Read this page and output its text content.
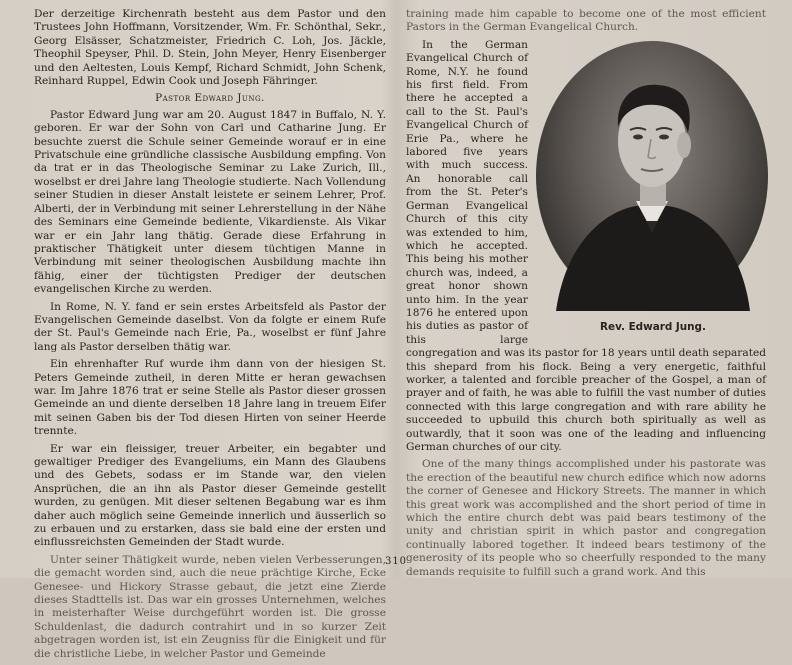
Der derzeitige Kirchenrath besteht aus dem Pastor und den Trustees John Hoffmann, Vorsitzender, Wm. Fr. Schönthal, Sekr., Georg Elsässer, Schatzmeister, Friedrich C. Loh, Jos. Jäckle, Theophil Speyser, Phil. D. Stein, John Meyer, Henry Eisenberger und den Aeltesten, Louis Kempf, Richard Schmidt, John Schenk, Reinhard Ruppel, Edwin Cook und Joseph Fähringer.

Pastor Edward Jung.

Pastor Edward Jung war am 20. August 1847 in Buffalo, N. Y. geboren. Er war der Sohn von Carl und Catharine Jung. Er besuchte zuerst die Schule seiner Gemeinde worauf er in eine Privatschule eine gründliche classische Ausbildung empfing. Von da trat er in das Theologische Seminar zu Lake Zurich, Ill., woselbst er drei Jahre lang Theologie studierte. Nach Vollendung seiner Studien in dieser Anstalt leistete er seinem Lehrer, Prof. Alberti, der in Verbindung mit seiner Lehrerstellung in der Nähe des Seminars eine Gemeinde bediente, Vikardienste. Als Vikar war er ein Jahr lang thätig. Gerade diese Erfahrung in praktischer Thätigkeit unter diesem tüchtigen Manne in Verbindung mit seiner theologischen Ausbildung machte ihn fähig, einer der tüchtigsten Prediger der deutschen evangelischen Kirche zu werden.

In Rome, N. Y. fand er sein erstes Arbeitsfeld als Pastor der Evangelischen Gemeinde daselbst. Von da folgte er einem Rufe der St. Paul's Gemeinde nach Erie, Pa., woselbst er fünf Jahre lang als Pastor derselben thätig war.

Ein ehrenhafter Ruf wurde ihm dann von der hiesigen St. Peters Gemeinde zutheil, in deren Mitte er heran gewachsen war. Im Jahre 1876 trat er seine Stelle als Pastor dieser grossen Gemeinde an und diente derselben 18 Jahre lang in treuem Eifer mit seinen Gaben bis der Tod diesen Hirten von seiner Heerde trennte.

Er war ein fleissiger, treuer Arbeiter, ein begabter und gewaltiger Prediger des Evangeliums, ein Mann des Glaubens und des Gebets, sodass er im Stande war, den vielen Ansprüchen, die an ihn als Pastor dieser Gemeinde gestellt wurden, zu genügen. Mit dieser seltenen Begabung war es ihm daher auch möglich seine Gemeinde innerlich und äusserlich so zu erbauen und zu erstarken, dass sie bald eine der ersten und einflussreichsten Gemeinden der Stadt wurde.

Unter seiner Thätigkeit wurde, neben vielen Verbesserungen, die gemacht worden sind, auch die neue prächtige Kirche, Ecke Genesee- und Hickory Strasse gebaut, die jetzt eine Zierde dieses Stadttells ist. Das war ein grosses Unternehmen, welches in meisterhafter Weise durchgeführt worden ist. Die grosse Schuldenlast, die dadurch contrahirt und in so kurzer Zeit abgetragen worden ist, ist ein Zeugniss für die Einigkeit und für die christliche Liebe, in welcher Pastor und Gemeinde

training made him capable to become one of the most efficient Pastors in the German Evangelical Church.

Rev. Edward Jung.

In the German Evangelical Church of Rome, N.Y. he found his first field. From there he accepted a call to the St. Paul's Evangelical Church of Erie Pa., where he labored five years with much success. An honorable call from the St. Peter's German Evangelical Church of this city was extended to him, which he accepted. This being his mother church was, indeed, a great honor shown unto him. In the year 1876 he entered upon his duties as pastor of this large congregation and was its pastor for 18 years until death separated this shepard from his flock. Being a very energetic, faithful worker, a talented and forcible preacher of the Gospel, a man of prayer and of faith, he was able to fulfill the vast number of duties connected with this large congregation and with rare ability he succeeded to upbuild this church both spiritually as well as outwardly, that it soon was one of the leading and influencing German churches of our city.

One of the many things accomplished under his pastorate was the erection of the beautiful new church edifice which now adorns the corner of Genesee and Hickory Streets. The manner in which this great work was accomplished and the short period of time in which the entire church debt was paid bears testimony of the unity and christian spirit in which pastor and congregation continually labored together. It indeed bears testimony of the generosity of its people who so cheerfully responded to the many demands requisite to fulfill such a grand work. And this

310
